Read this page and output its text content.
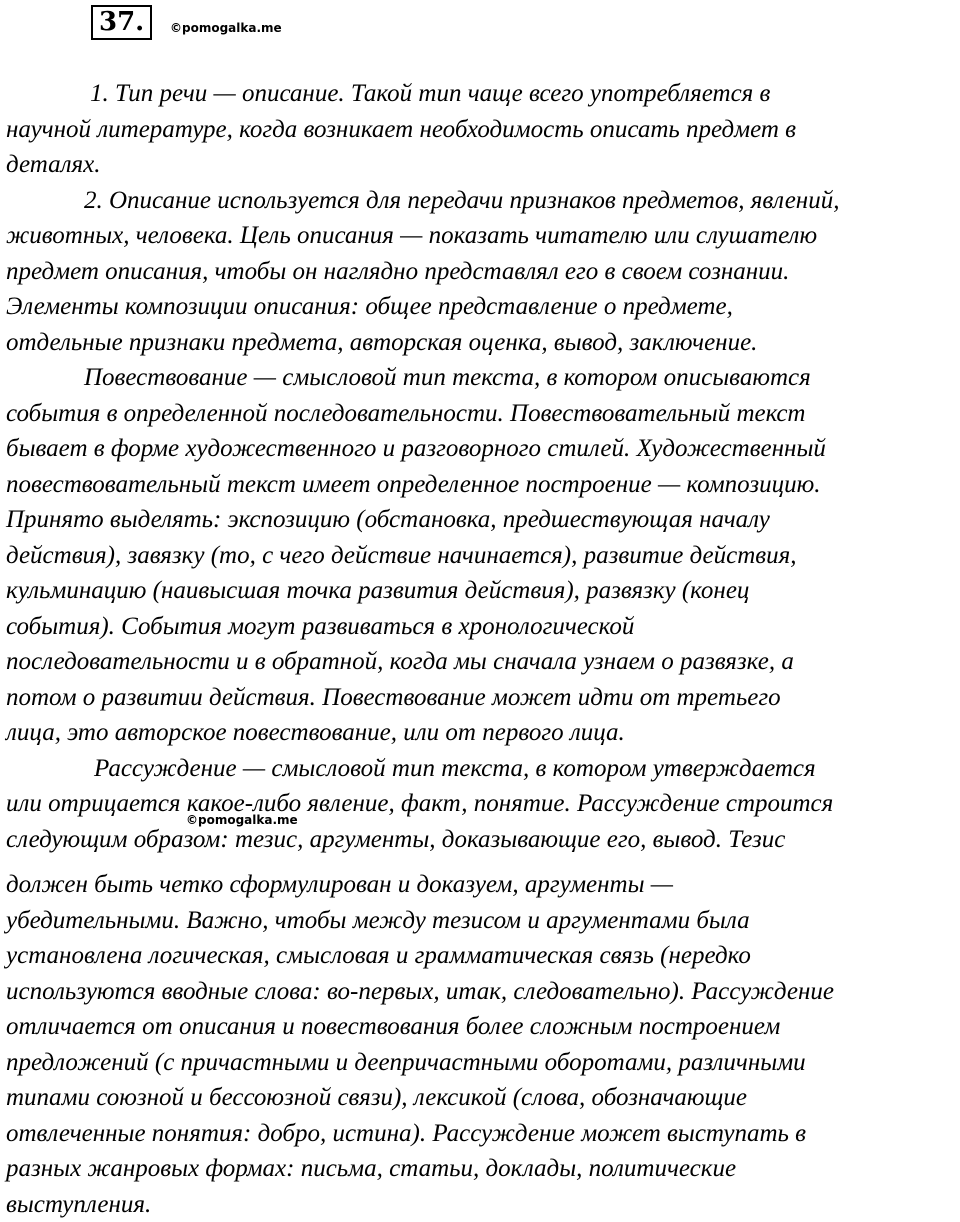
37.	©pomogalka.me
1. Тип речи — описание. Такой тип чаще всего употребляется в
научной литературе, когда возникает необходимость описать предмет в
деталях.
2. Описание используется для передачи признаков предметов, явлений,
животных, человека. Цель описания — показать читателю или слушателю
предмет описания, чтобы он наглядно представлял его в своем сознании.
Элементы композиции описания: общее представление о предмете,
отдельные признаки предмета, авторская оценка, вывод, заключение.
Повествование — смысловой тип текста, в котором описываются
события в определенной последовательности. Повествовательный текст
бывает в форме художественного и разговорного стилей. Художественный
повествовательный текст имеет определенное построение — композицию.
Принято выделять: экспозицию (обстановка, предшествующая началу
действия), завязку (то, с чего действие начинается), развитие действия,
кульминацию (наивысшая точка развития действия), развязку (конец
события). События могут развиваться в хронологической
последовательности и в обратной, когда мы сначала узнаем о развязке, а
потом о развитии действия. Повествование может идти от третьего
лица, это авторское повествование, или от первого лица.
Рассуждение — смысловой тип текста, в котором утверждается
или отрицается какое-либо явление, факт, понятие. Рассуждение строится
следующим образом: тезис, аргументы, доказывающие его, вывод. Тезис
должен быть четко сформулирован и доказуем, аргументы —
убедительными. Важно, чтобы между тезисом и аргументами была
установлена логическая, смысловая и грамматическая связь (нередко
используются вводные слова: во-первых, итак, следовательно). Рассуждение
отличается от описания и повествования более сложным построением
предложений (с причастными и деепричастными оборотами, различными
типами союзной и бессоюзной связи), лексикой (слова, обозначающие
отвлеченные понятия: добро, истина). Рассуждение может выступать в
разных жанровых формах: письма, статьи, доклады, политические
выступления.
©pomogalka.me
